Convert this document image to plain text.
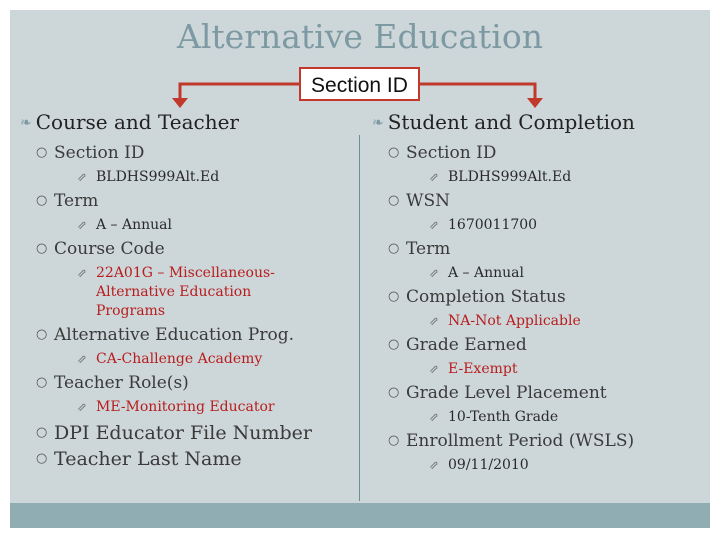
Alternative Education
Section ID
❧ Course and Teacher
○ Section ID
⇗ BLDHS999Alt.Ed
○ Term
⇗ A – Annual
○ Course Code
⇗ 22A01G – Miscellaneous-
Alternative Education
Programs
○ Alternative Education Prog.
⇗ CA-Challenge Academy
○ Teacher Role(s)
⇗ ME-Monitoring Educator
○ DPI Educator File Number
○ Teacher Last Name
❧ Student and Completion
○ Section ID
⇗ BLDHS999Alt.Ed
○ WSN
⇗ 1670011700
○ Term
⇗ A – Annual
○ Completion Status
⇗ NA-Not Applicable
○ Grade Earned
⇗ E-Exempt
○ Grade Level Placement
⇗ 10-Tenth Grade
○ Enrollment Period (WSLS)
⇗ 09/11/2010
